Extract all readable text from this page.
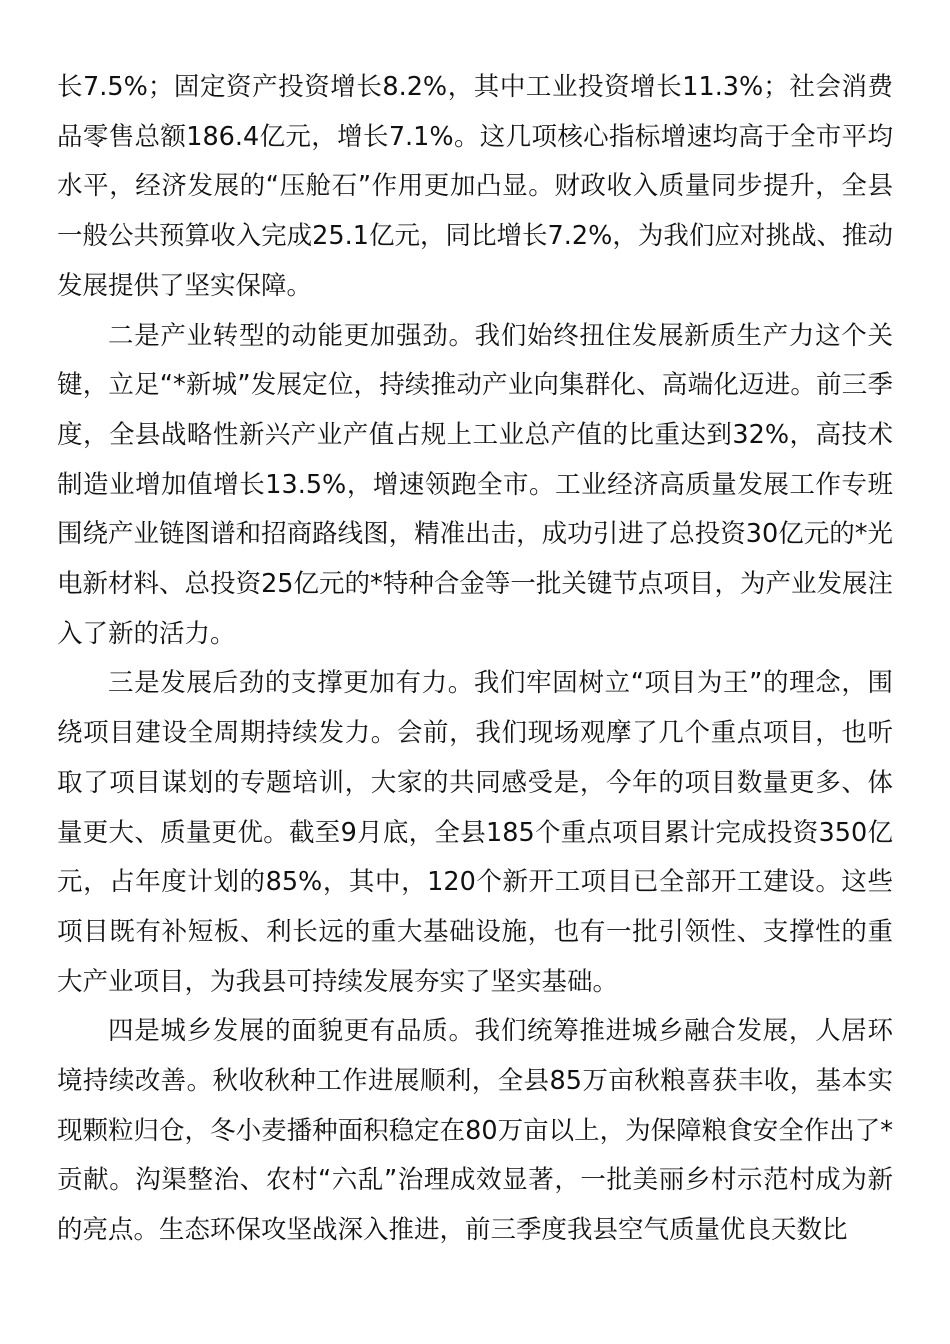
长7.5%；固定资产投资增长8.2%，其中工业投资增长11.3%；社会消费品零售总额186.4亿元，增长7.1%。这几项核心指标增速均高于全市平均水平，经济发展的“压舱石”作用更加凸显。财政收入质量同步提升，全县一般公共预算收入完成25.1亿元，同比增长7.2%，为我们应对挑战、推动发展提供了坚实保障。

二是产业转型的动能更加强劲。我们始终扭住发展新质生产力这个关键，立足“*新城”发展定位，持续推动产业向集群化、高端化迈进。前三季度，全县战略性新兴产业产值占规上工业总产值的比重达到32%，高技术制造业增加值增长13.5%，增速领跑全市。工业经济高质量发展工作专班围绕产业链图谱和招商路线图，精准出击，成功引进了总投资30亿元的*光电新材料、总投资25亿元的*特种合金等一批关键节点项目，为产业发展注入了新的活力。

三是发展后劲的支撑更加有力。我们牢固树立“项目为王”的理念，围绕项目建设全周期持续发力。会前，我们现场观摩了几个重点项目，也听取了项目谋划的专题培训，大家的共同感受是，今年的项目数量更多、体量更大、质量更优。截至9月底，全县185个重点项目累计完成投资350亿元，占年度计划的85%，其中，120个新开工项目已全部开工建设。这些项目既有补短板、利长远的重大基础设施，也有一批引领性、支撑性的重大产业项目，为我县可持续发展夯实了坚实基础。

四是城乡发展的面貌更有品质。我们统筹推进城乡融合发展，人居环境持续改善。秋收秋种工作进展顺利，全县85万亩秋粮喜获丰收，基本实现颗粒归仓，冬小麦播种面积稳定在80万亩以上，为保障粮食安全作出了*贡献。沟渠整治、农村“六乱”治理成效显著，一批美丽乡村示范村成为新的亮点。生态环保攻坚战深入推进，前三季度我县空气质量优良天数比
